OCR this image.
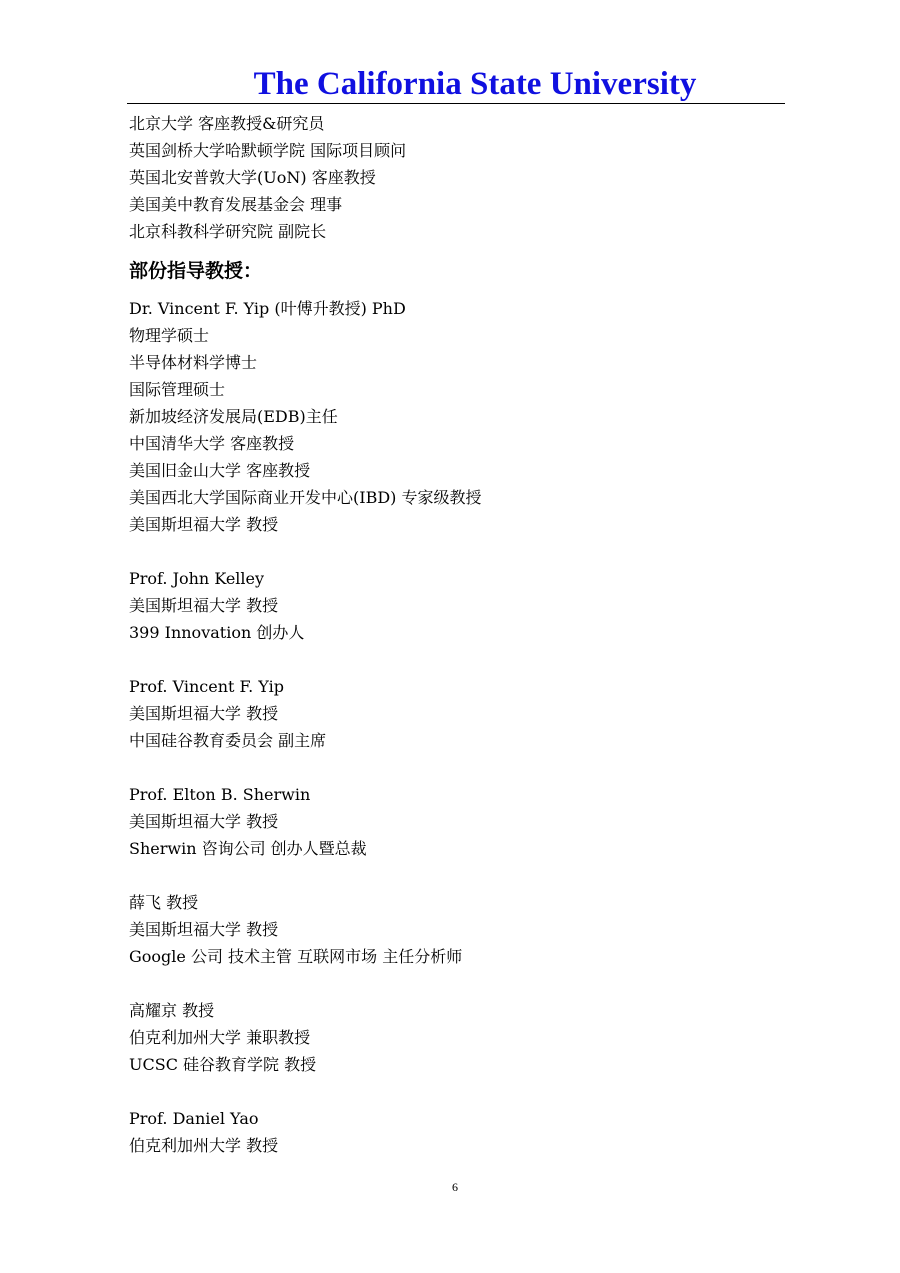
The California State University
北京大学 客座教授&研究员
英国剑桥大学哈默顿学院 国际项目顾问
英国北安普敦大学(UoN) 客座教授
美国美中教育发展基金会 理事
北京科教科学研究院 副院长
部份指导教授：
Dr. Vincent F. Yip (叶傅升教授) PhD
物理学硕士
半导体材料学博士
国际管理硕士
新加坡经济发展局(EDB)主任
中国清华大学 客座教授
美国旧金山大学 客座教授
美国西北大学国际商业开发中心(IBD) 专家级教授
美国斯坦福大学 教授
Prof. John Kelley
美国斯坦福大学 教授
399 Innovation 创办人
Prof. Vincent F. Yip
美国斯坦福大学 教授
中国硅谷教育委员会 副主席
Prof. Elton B. Sherwin
美国斯坦福大学 教授
Sherwin 咨询公司 创办人暨总裁
薛飞 教授
美国斯坦福大学 教授
Google 公司 技术主管 互联网市场 主任分析师
高耀京 教授
伯克利加州大学 兼职教授
UCSC 硅谷教育学院 教授
Prof. Daniel Yao
伯克利加州大学 教授
6
